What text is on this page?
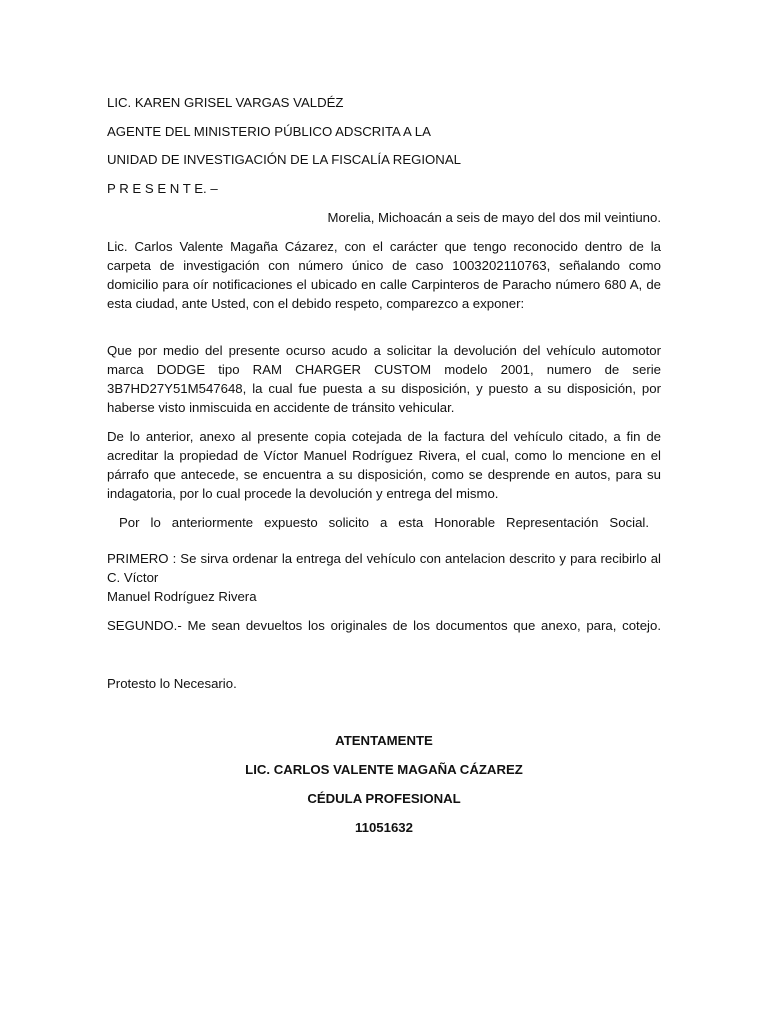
LIC. KAREN GRISEL VARGAS VALDÉZ

AGENTE DEL MINISTERIO PÚBLICO ADSCRITA A LA

UNIDAD DE INVESTIGACIÓN DE LA FISCALÍA REGIONAL

P R E S E N T E. –

Morelia, Michoacán a seis de mayo del dos mil veintiuno.

Lic. Carlos Valente Magaña Cázarez, con el carácter que tengo reconocido dentro de la carpeta de investigación con número único de caso 1003202110763, señalando como domicilio para oír notificaciones el ubicado en calle Carpinteros de Paracho número 680 A, de esta ciudad, ante Usted, con el debido respeto, comparezco a exponer:

Que por medio del presente ocurso acudo a solicitar la devolución del vehículo automotor marca DODGE tipo RAM CHARGER CUSTOM modelo 2001, numero de serie 3B7HD27Y51M547648, la cual fue puesta a su disposición, y puesto a su disposición, por haberse visto inmiscuida en accidente de tránsito vehicular.

De lo anterior, anexo al presente copia cotejada de la factura del vehículo citado, a fin de acreditar la propiedad de Víctor Manuel Rodríguez Rivera, el cual, como lo mencione en el párrafo que antecede, se encuentra a su disposición, como se desprende en autos, para su indagatoria, por lo cual procede la devolución y entrega del mismo.

Por lo anteriormente expuesto solicito a esta Honorable Representación Social.

PRIMERO : Se sirva ordenar la entrega del vehículo con antelacion descrito y para recibirlo al C. Víctor

Manuel Rodríguez Rivera

SEGUNDO.- Me sean devueltos los originales de los documentos que anexo, para, cotejo.

Protesto lo Necesario.

ATENTAMENTE

LIC. CARLOS VALENTE MAGAÑA CÁZAREZ

CÉDULA PROFESIONAL

11051632
